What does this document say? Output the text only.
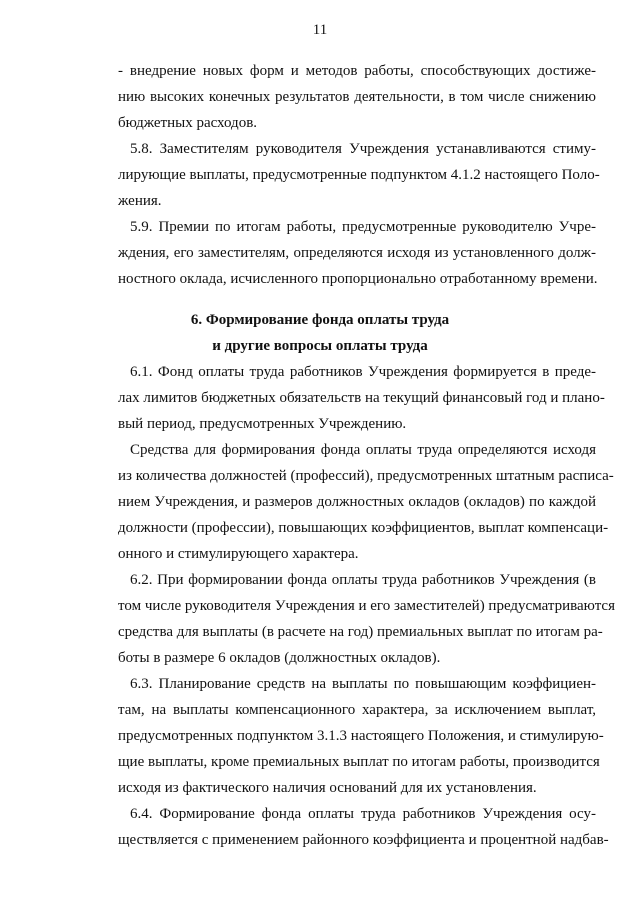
11
- внедрение новых форм и методов работы, способствующих достиже-
нию высоких конечных результатов деятельности, в том числе снижению
бюджетных расходов.
5.8. Заместителям руководителя Учреждения устанавливаются стиму-
лирующие выплаты, предусмотренные подпунктом 4.1.2 настоящего Поло-
жения.
5.9. Премии по итогам работы, предусмотренные руководителю Учре-
ждения, его заместителям, определяются исходя из установленного долж-
ностного оклада, исчисленного пропорционально отработанному времени.
6. Формирование фонда оплаты труда
и другие вопросы оплаты труда
6.1. Фонд оплаты труда работников Учреждения формируется в преде-
лах лимитов бюджетных обязательств на текущий финансовый год и плано-
вый период, предусмотренных Учреждению.
Средства для формирования фонда оплаты труда определяются исходя
из количества должностей (профессий), предусмотренных штатным расписа-
нием Учреждения, и размеров должностных окладов (окладов) по каждой
должности (профессии), повышающих коэффициентов, выплат компенсаци-
онного и стимулирующего характера.
6.2. При формировании фонда оплаты труда работников Учреждения (в
том числе руководителя Учреждения и его заместителей) предусматриваются
средства для выплаты (в расчете на год) премиальных выплат по итогам ра-
боты в размере 6 окладов (должностных окладов).
6.3. Планирование средств на выплаты по повышающим коэффициен-
там, на выплаты компенсационного характера, за исключением выплат,
предусмотренных подпунктом 3.1.3 настоящего Положения, и стимулирую-
щие выплаты, кроме премиальных выплат по итогам работы, производится
исходя из фактического наличия оснований для их установления.
6.4. Формирование фонда оплаты труда работников Учреждения осу-
ществляется с применением районного коэффициента и процентной надбав-
